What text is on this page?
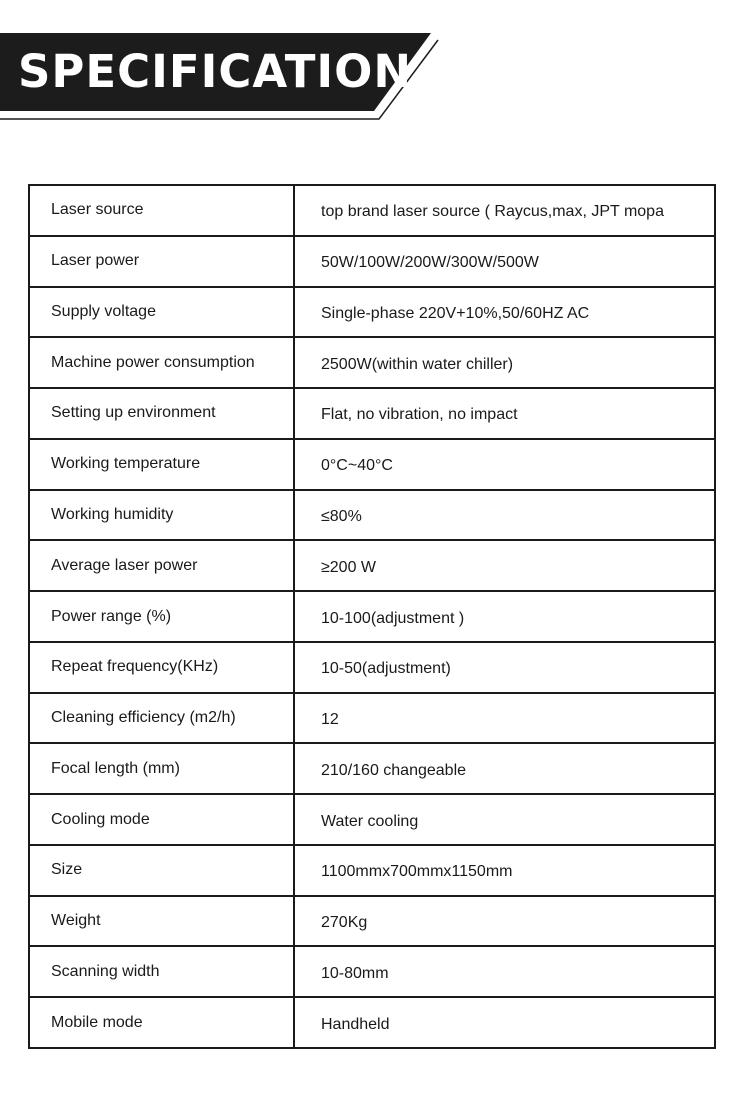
SPECIFICATION
Laser source	top brand laser source ( Raycus,max, JPT mopa
Laser power	50W/100W/200W/300W/500W
Supply voltage	Single-phase 220V+10%,50/60HZ AC
Machine power consumption	2500W(within water chiller)
Setting up environment	Flat, no vibration, no impact
Working temperature	0°C~40°C
Working humidity	≤80%
Average laser power	≥200 W
Power range (%)	10-100(adjustment )
Repeat frequency(KHz)	10-50(adjustment)
Cleaning efficiency (m2/h)	12
Focal length (mm)	210/160 changeable
Cooling mode	Water cooling
Size	1100mmx700mmx1150mm
Weight	270Kg
Scanning width	10-80mm
Mobile mode	Handheld
